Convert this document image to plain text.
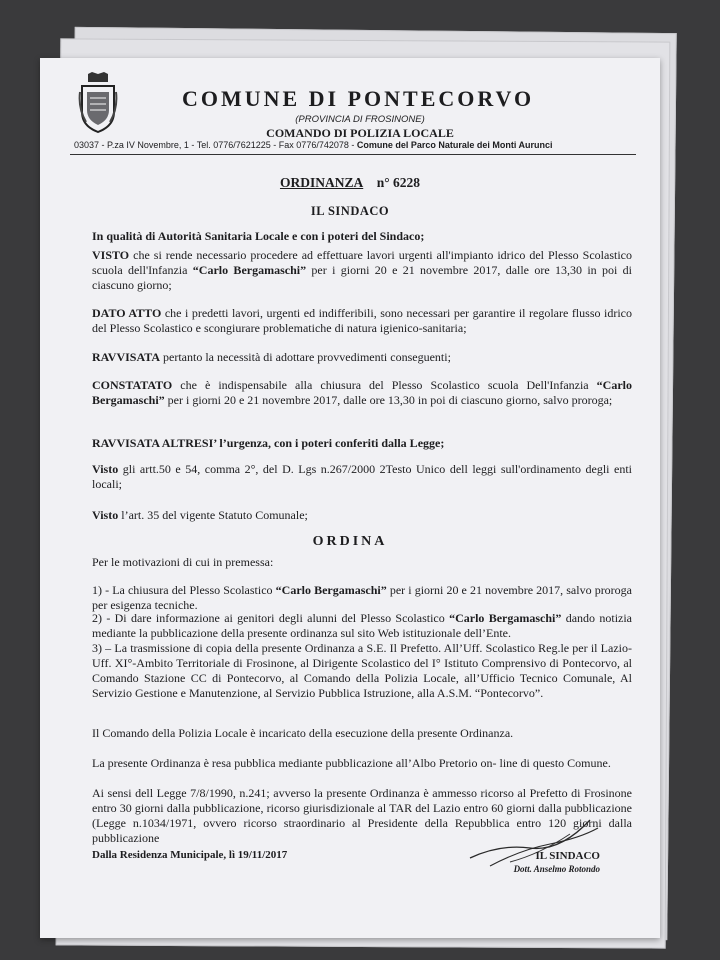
COMUNE DI PONTECORVO
(PROVINCIA DI FROSINONE)
COMANDO DI POLIZIA LOCALE
03037 - P.za IV Novembre, 1 - Tel. 0776/7621225 - Fax 0776/742078 - Comune del Parco Naturale dei Monti Aurunci
ORDINANZA n° 6228
IL SINDACO
In qualità di Autorità Sanitaria Locale e con i poteri del Sindaco;
VISTO che si rende necessario procedere ad effettuare lavori urgenti all'impianto idrico del Plesso Scolastico scuola dell'Infanzia “Carlo Bergamaschi” per i giorni 20 e 21 novembre 2017, dalle ore 13,30 in poi di ciascuno giorno;
DATO ATTO che i predetti lavori, urgenti ed indifferibili, sono necessari per garantire il regolare flusso idrico del Plesso Scolastico e scongiurare problematiche di natura igienico-sanitaria;
RAVVISATA pertanto la necessità di adottare provvedimenti conseguenti;
CONSTATATO che è indispensabile alla chiusura del Plesso Scolastico scuola Dell'Infanzia “Carlo Bergamaschi” per i giorni 20 e 21 novembre 2017, dalle ore 13,30 in poi di ciascuno giorno, salvo proroga;
RAVVISATA ALTRESI’ l’urgenza, con i poteri conferiti dalla Legge;
Visto gli artt.50 e 54, comma 2°, del D. Lgs n.267/2000 2Testo Unico dell leggi sull'ordinamento degli enti locali;
Visto l’art. 35 del vigente Statuto Comunale;
ORDINA
Per le motivazioni di cui in premessa:
1) - La chiusura del Plesso Scolastico “Carlo Bergamaschi” per i giorni 20 e 21 novembre 2017, salvo proroga per esigenza tecniche.
2) - Di dare informazione ai genitori degli alunni del Plesso Scolastico “Carlo Bergamaschi” dando notizia mediante la pubblicazione della presente ordinanza sul sito Web istituzionale dell’Ente.
3) – La trasmissione di copia della presente Ordinanza a S.E. Il Prefetto. All’Uff. Scolastico Reg.le per il Lazio-Uff. XI°-Ambito Territoriale di Frosinone, al Dirigente Scolastico del I° Istituto Comprensivo di Pontecorvo, al Comando Stazione CC di Pontecorvo, al Comando della Polizia Locale, all’Ufficio Tecnico Comunale, Al Servizio Gestione e Manutenzione, al Servizio Pubblica Istruzione, alla A.S.M. “Pontecorvo”.
Il Comando della Polizia Locale è incaricato della esecuzione della presente Ordinanza.
La presente Ordinanza è resa pubblica mediante pubblicazione all’Albo Pretorio on- line di questo Comune.
Ai sensi dell Legge 7/8/1990, n.241; avverso la presente Ordinanza è ammesso ricorso al Prefetto di Frosinone entro 30 giorni dalla pubblicazione, ricorso giurisdizionale al TAR del Lazio entro 60 giorni dalla pubblicazione (Legge n.1034/1971, ovvero ricorso straordinario al Presidente della Repubblica entro 120 giorni dalla pubblicazione
Dalla Residenza Municipale, lì 19/11/2017	IL SINDACO
Dott. Anselmo Rotondo
